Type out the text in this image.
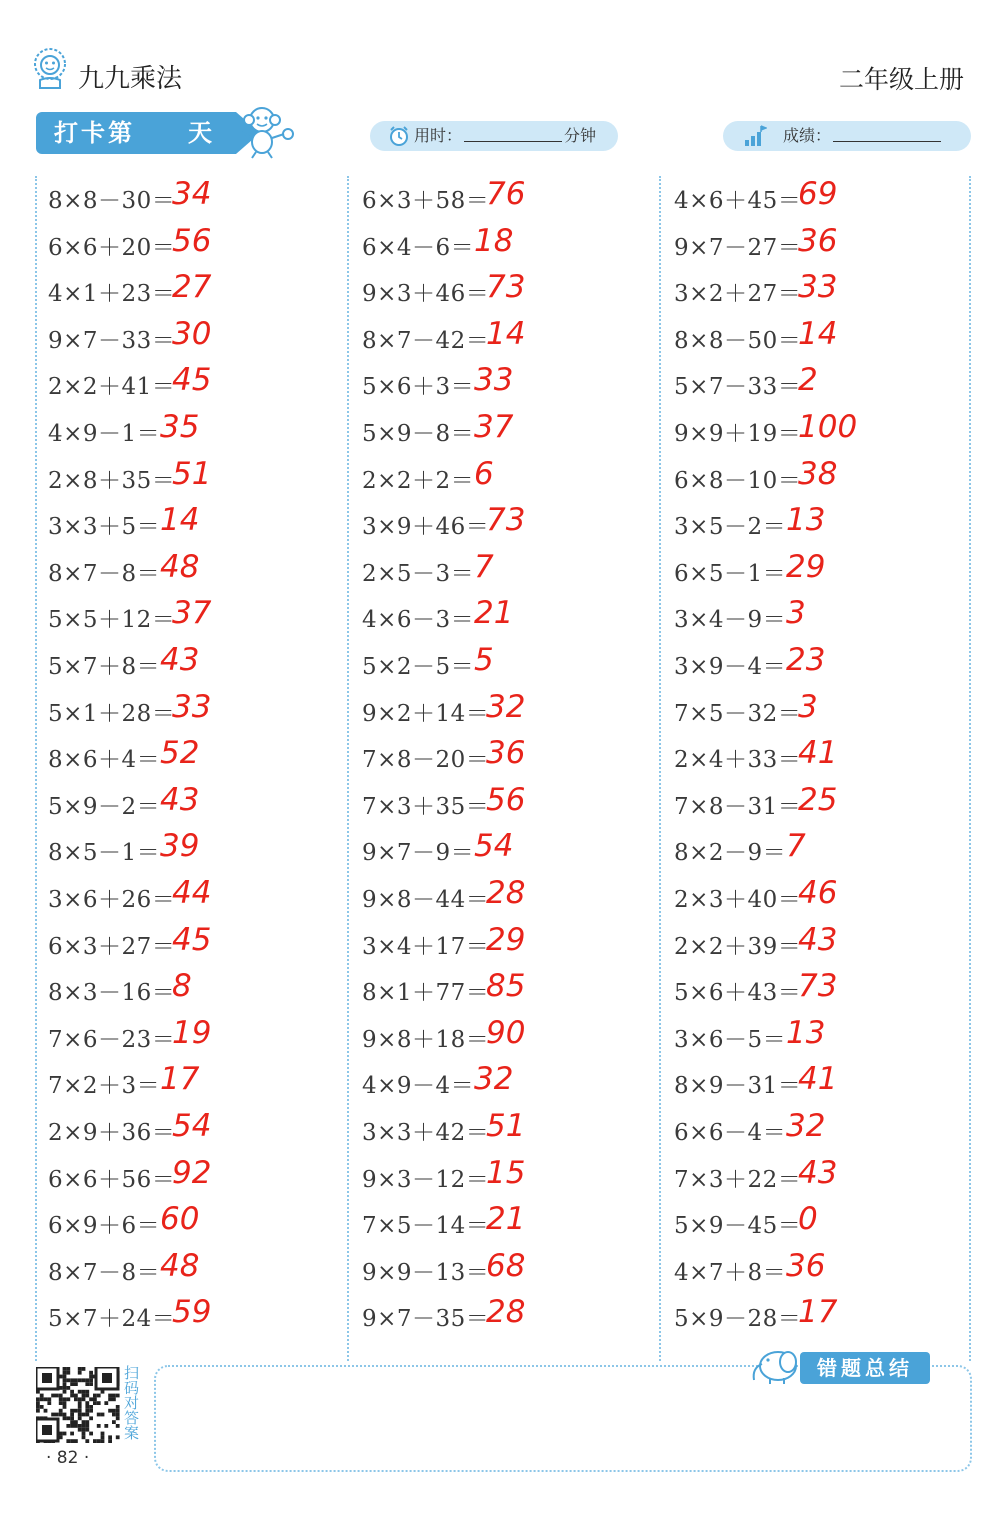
九九乘法	二年级上册
打卡第 天	用时：	分钟	成绩：
8×8－30＝
34
6×6＋20＝
56
4×1＋23＝
27
9×7－33＝
30
2×2＋41＝
45
4×9－1＝ 35
2×8＋35＝
51
3×3＋5＝ 14
8×7－8＝ 48
5×5＋12＝
37
5×7＋8＝ 43
5×1＋28＝
33
8×6＋4＝ 52
5×9－2＝ 43
8×5－1＝ 39
3×6＋26＝
44
6×3＋27＝
45
8×3－16＝
8
7×6－23＝
19
7×2＋3＝ 17
2×9＋36＝
54
6×6＋56＝
92
6×9＋6＝ 60
8×7－8＝ 48
5×7＋24＝
59
6×3＋58＝
76
6×4－6＝ 18
9×3＋46＝
73
8×7－42＝
14
5×6＋3＝ 33
5×9－8＝ 37
2×2＋2＝ 6
3×9＋46＝
73
2×5－3＝ 7
4×6－3＝ 21
5×2－5＝ 5
9×2＋14＝
32
7×8－20＝
36
7×3＋35＝
56
9×7－9＝ 54
9×8－44＝
28
3×4＋17＝
29
8×1＋77＝
85
9×8＋18＝
90
4×9－4＝ 32
3×3＋42＝
51
9×3－12＝
15
7×5－14＝
21
9×9－13＝
68
9×7－35＝
28
4×6＋45＝
69
9×7－27＝
36
3×2＋27＝
33
8×8－50＝
14
5×7－33＝
2
9×9＋19＝
100
6×8－10＝
38
3×5－2＝ 13
6×5－1＝ 29
3×4－9＝ 3
3×9－4＝ 23
7×5－32＝
3
2×4＋33＝
41
7×8－31＝
25
8×2－9＝ 7
2×3＋40＝
46
2×2＋39＝
43
5×6＋43＝
73
3×6－5＝ 13
8×9－31＝
41
6×6－4＝ 32
7×3＋22＝
43
5×9－45＝
0
4×7＋8＝ 36
5×9－28＝
17
扫码对答案
· 82 ·
错题总结
